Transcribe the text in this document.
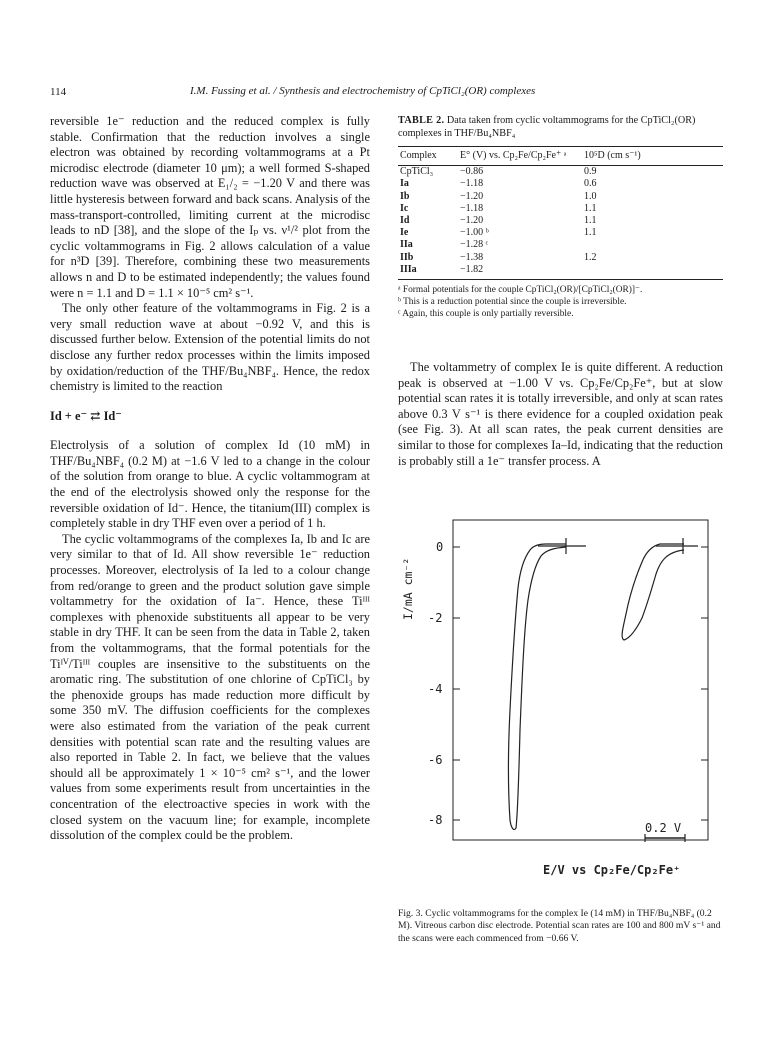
114	I.M. Fussing et al. / Synthesis and electrochemistry of CpTiCl₂(OR) complexes

reversible 1e⁻ reduction and the reduced complex is fully stable. Confirmation that the reduction involves a single electron was obtained by recording voltammograms at a Pt microdisc electrode (diameter 10 μm); a well formed S-shaped reduction wave was observed at E₁/₂ = −1.20 V and there was little hysteresis between forward and back scans. Analysis of the mass-transport-controlled, limiting current at the microdisc leads to nD [38], and the slope of the Iₚ vs. ν¹/² plot from the cyclic voltammograms in Fig. 2 allows calculation of a value for n³D [39]. Therefore, combining these two measurements allows n and D to be estimated independently; the values found were n = 1.1 and D = 1.1 × 10⁻⁵ cm² s⁻¹.

The only other feature of the voltammograms in Fig. 2 is a very small reduction wave at about −0.92 V, and this is discussed further below. Extension of the potential limits do not disclose any further redox processes within the limits imposed by oxidation/reduction of the THF/Bu₄NBF₄. Hence, the redox chemistry is limited to the reaction

Id + e⁻ ⇄ Id⁻

Electrolysis of a solution of complex Id (10 mM) in THF/Bu₄NBF₄ (0.2 M) at −1.6 V led to a change in the colour of the solution from orange to blue. A cyclic voltammogram at the end of the electrolysis showed only the response for the reversible oxidation of Id⁻. Hence, the titanium(III) complex is completely stable in dry THF even over a period of 1 h.

The cyclic voltammograms of the complexes Ia, Ib and Ic are very similar to that of Id. All show reversible 1e⁻ reduction processes. Moreover, electrolysis of Ia led to a colour change from red/orange to green and the product solution gave simple voltammetry for the oxidation of Ia⁻. Hence, these Tiᴵᴵᴵ complexes with phenoxide substituents all appear to be very stable in dry THF. It can be seen from the data in Table 2, taken from the voltammograms, that the formal potentials for the Tiᴵⱽ/Tiᴵᴵᴵ couples are insensitive to the substituents on the aromatic ring. The substitution of one chlorine of CpTiCl₃ by the phenoxide groups has made reduction more difficult by some 350 mV. The diffusion coefficients for the complexes were also estimated from the variation of the peak current densities with potential scan rate and the resulting values are also reported in Table 2. In fact, we believe that the values should all be approximately 1 × 10⁻⁵ cm² s⁻¹, and the lower values from some experiments result from uncertainties in the concentration of the electroactive species in work with the closed system on the vacuum line; for example, incomplete dissolution of the complex could be the problem.

TABLE 2. Data taken from cyclic voltammograms for the CpTiCl₂(OR) complexes in THF/Bu₄NBF₄

Complex	E° (V) vs. Cp₂Fe/Cp₂Fe⁺ ᵃ	10⁵D (cm s⁻¹)
CpTiCl₃	−0.86	0.9
Ia	−1.18	0.6
Ib	−1.20	1.0
Ic	−1.18	1.1
Id	−1.20	1.1
Ie	−1.00 ᵇ	1.1
IIa	−1.28 ᶜ	
IIb	−1.38	1.2
IIIa	−1.82	

ᵃ Formal potentials for the couple CpTiCl₂(OR)/[CpTiCl₂(OR)]⁻.

ᵇ This is a reduction potential since the couple is irreversible.

ᶜ Again, this couple is only partially reversible.

The voltammetry of complex Ie is quite different. A reduction peak is observed at −1.00 V vs. Cp₂Fe/Cp₂Fe⁺, but at slow potential scan rates it is totally irreversible, and only at scan rates above 0.3 V s⁻¹ is there evidence for a coupled oxidation peak (see Fig. 3). At all scan rates, the peak current densities are similar to those for complexes Ia–Id, indicating that the reduction is probably still a 1e⁻ transfer process. A

0
-2
-4
-6
-8
I/mA cm⁻²
0.2 V
E/V vs Cp₂Fe/Cp₂Fe⁺
Fig. 3. Cyclic voltammograms for the complex Ie (14 mM) in THF/Bu₄NBF₄ (0.2 M). Vitreous carbon disc electrode. Potential scan rates are 100 and 800 mV s⁻¹ and the scans were each commenced from −0.66 V.
